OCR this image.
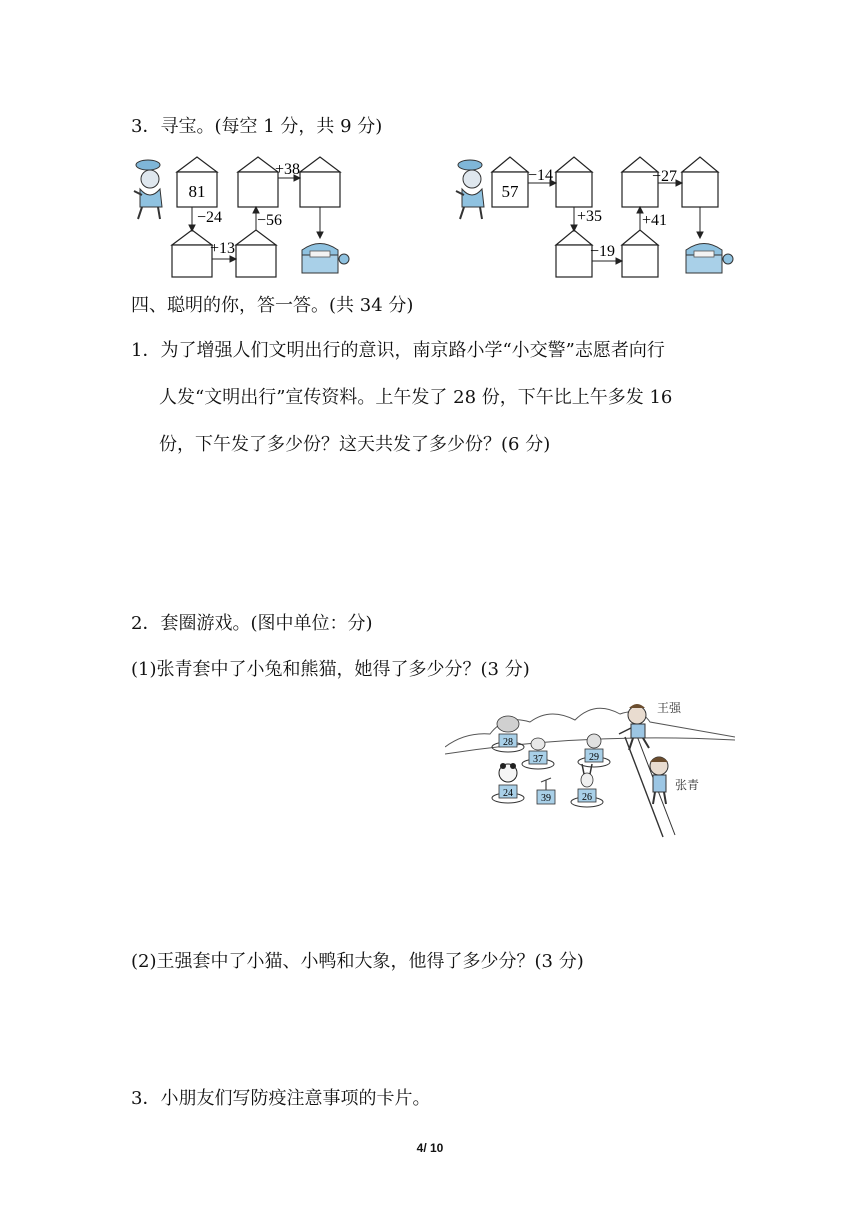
3．寻宝。(每空 1 分，共 9 分)
81
−24
+13
−56
+38
57
−14
+35
−19
+41
−27
四、聪明的你，答一答。(共 34 分)
1．为了增强人们文明出行的意识，南京路小学“小交警”志愿者向行
人发“文明出行”宣传资料。上午发了 28 份，下午比上午多发 16
份，下午发了多少份？这天共发了多少份？(6 分)
2．套圈游戏。(图中单位：分)
(1)张青套中了小兔和熊猫，她得了多少分？(3 分)
王强
张青
28
37	29
24	39	26
(2)王强套中了小猫、小鸭和大象，他得了多少分？(3 分)
3．小朋友们写防疫注意事项的卡片。
4/ 10
